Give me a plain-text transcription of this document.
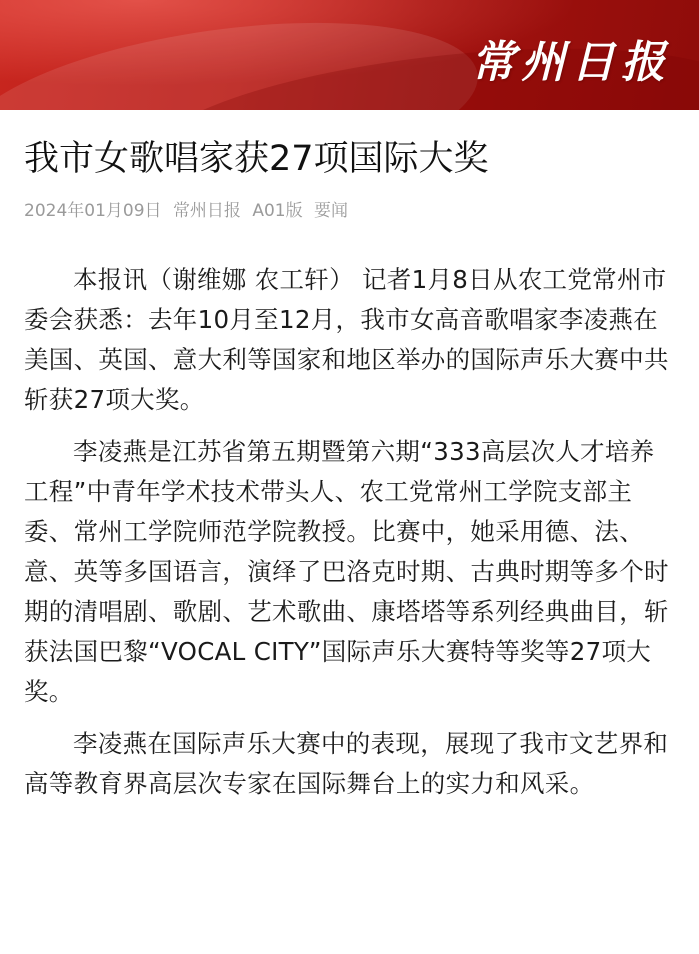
常州日报
我市女歌唱家获27项国际大奖
2024年01月09日 常州日报 A01版 要闻

本报讯（谢维娜 农工轩） 记者1月8日从农工党常州市委会获悉：去年10月至12月，我市女高音歌唱家李凌燕在美国、英国、意大利等国家和地区举办的国际声乐大赛中共斩获27项大奖。

李凌燕是江苏省第五期暨第六期“333高层次人才培养工程”中青年学术技术带头人、农工党常州工学院支部主委、常州工学院师范学院教授。比赛中，她采用德、法、意、英等多国语言，演绎了巴洛克时期、古典时期等多个时期的清唱剧、歌剧、艺术歌曲、康塔塔等系列经典曲目，斩获法国巴黎“VOCAL CITY”国际声乐大赛特等奖等27项大奖。

李凌燕在国际声乐大赛中的表现，展现了我市文艺界和高等教育界高层次专家在国际舞台上的实力和风采。
